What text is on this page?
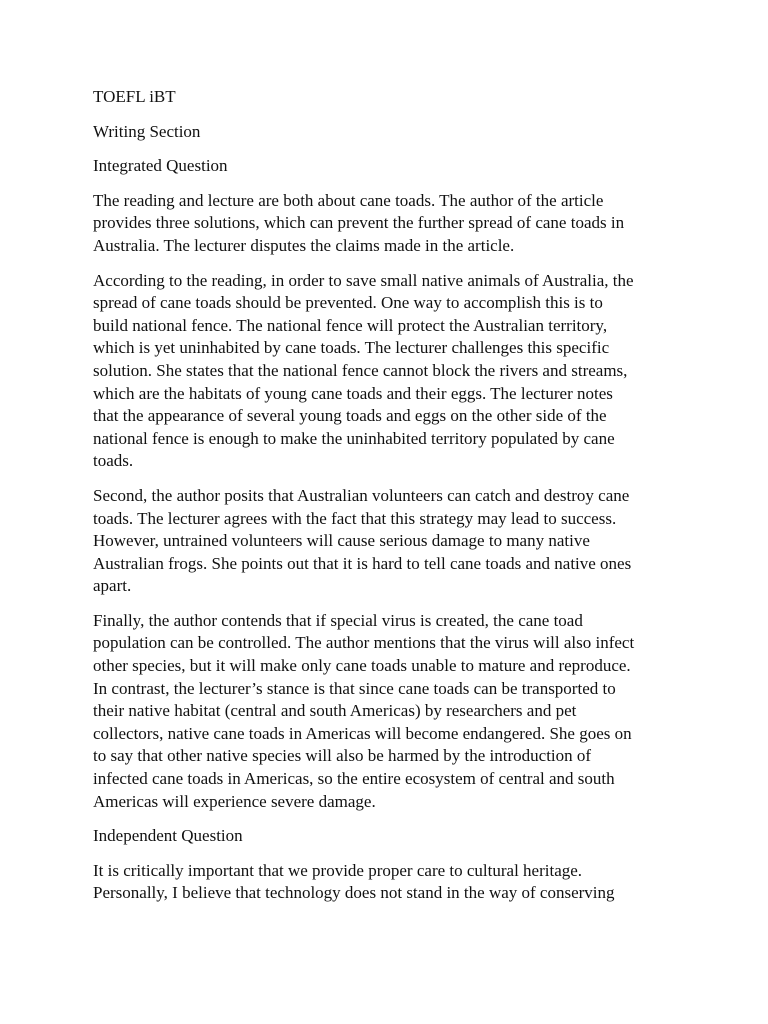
TOEFL iBT

Writing Section

Integrated Question

The reading and lecture are both about cane toads. The author of the article
provides three solutions, which can prevent the further spread of cane toads in
Australia. The lecturer disputes the claims made in the article.

According to the reading, in order to save small native animals of Australia, the
spread of cane toads should be prevented. One way to accomplish this is to
build national fence. The national fence will protect the Australian territory,
which is yet uninhabited by cane toads. The lecturer challenges this specific
solution. She states that the national fence cannot block the rivers and streams,
which are the habitats of young cane toads and their eggs. The lecturer notes
that the appearance of several young toads and eggs on the other side of the
national fence is enough to make the uninhabited territory populated by cane
toads.

Second, the author posits that Australian volunteers can catch and destroy cane
toads. The lecturer agrees with the fact that this strategy may lead to success.
However, untrained volunteers will cause serious damage to many native
Australian frogs. She points out that it is hard to tell cane toads and native ones
apart.

Finally, the author contends that if special virus is created, the cane toad
population can be controlled. The author mentions that the virus will also infect
other species, but it will make only cane toads unable to mature and reproduce.
In contrast, the lecturer’s stance is that since cane toads can be transported to
their native habitat (central and south Americas) by researchers and pet
collectors, native cane toads in Americas will become endangered. She goes on
to say that other native species will also be harmed by the introduction of
infected cane toads in Americas, so the entire ecosystem of central and south
Americas will experience severe damage.

Independent Question

It is critically important that we provide proper care to cultural heritage.
Personally, I believe that technology does not stand in the way of conserving
